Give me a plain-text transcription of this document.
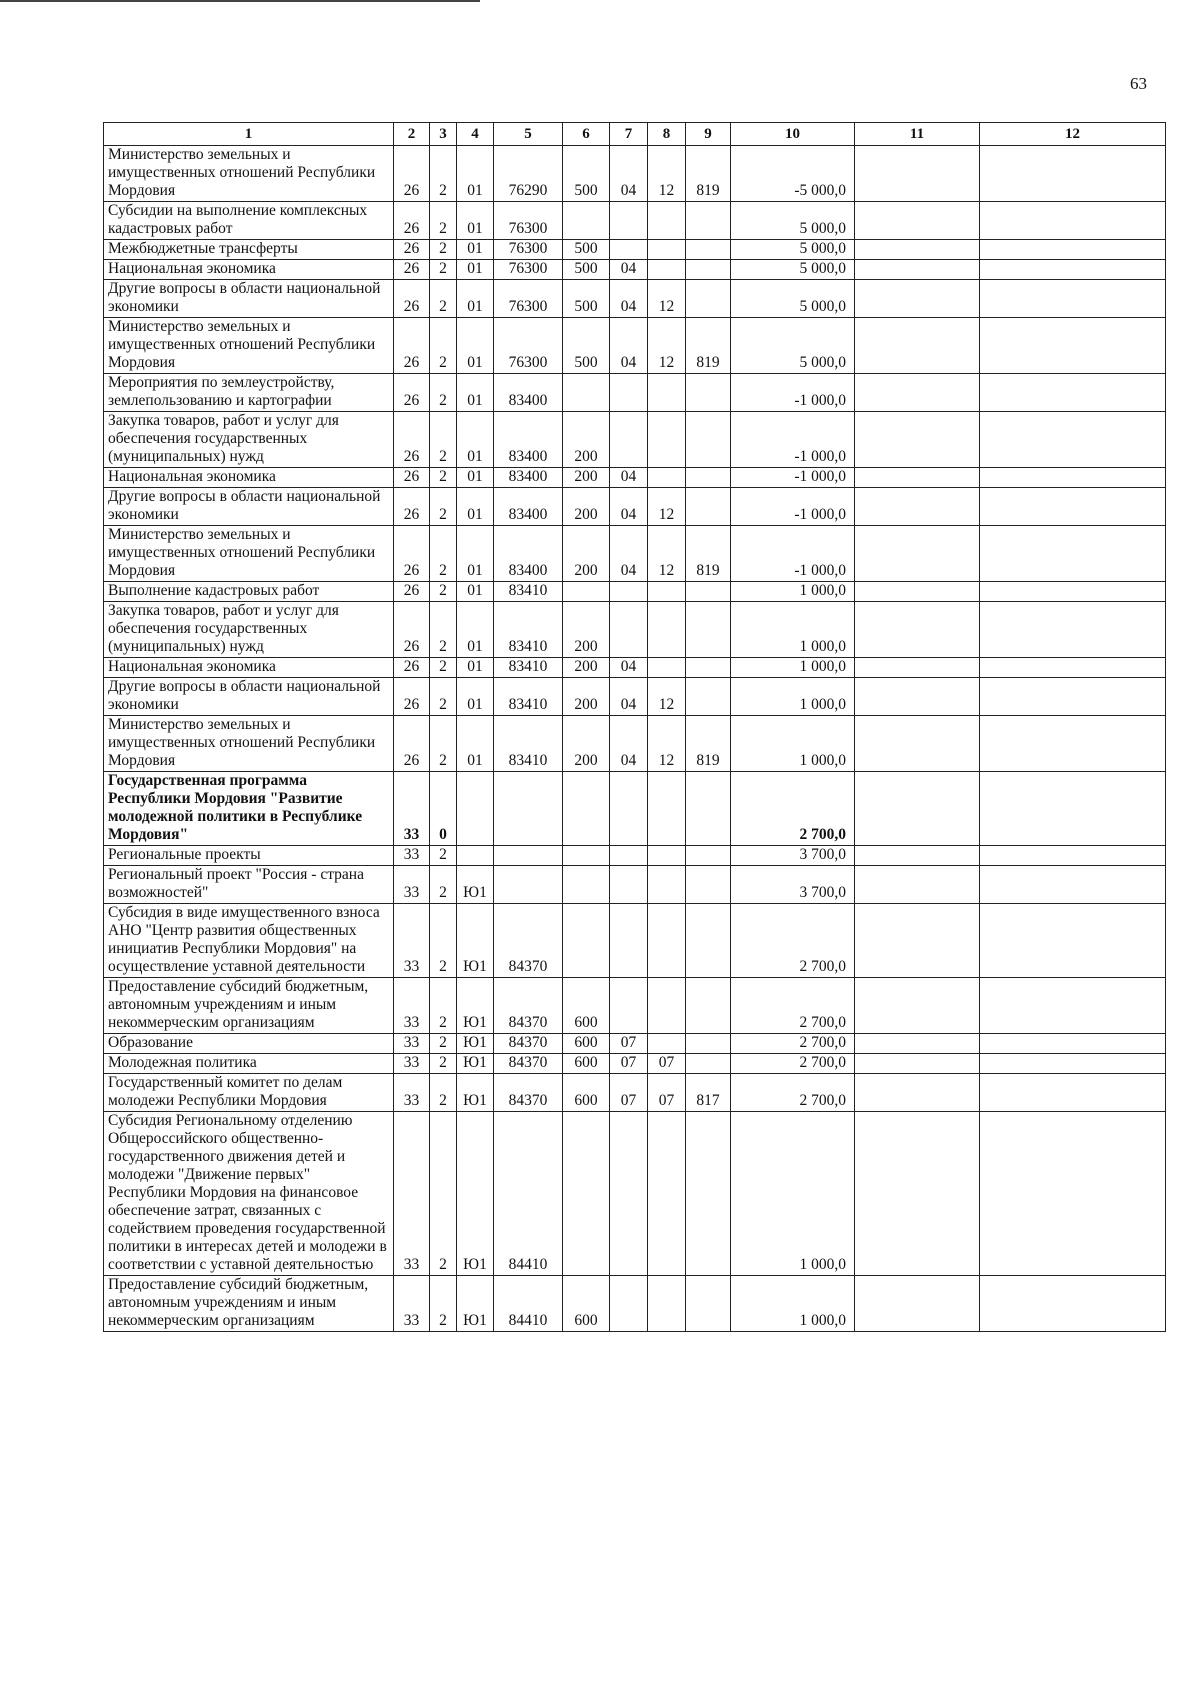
63
1	2	3	4	5	6	7	8	9	10	11	12
Министерство земельных и имущественных отношений Республики Мордовия	26	2	01	76290	500	04	12	819	-5 000,0		
Субсидии на выполнение комплексных кадастровых работ	26	2	01	76300					5 000,0		
Межбюджетные трансферты	26	2	01	76300	500				5 000,0		
Национальная экономика	26	2	01	76300	500	04			5 000,0		
Другие вопросы в области национальной экономики	26	2	01	76300	500	04	12		5 000,0		
Министерство земельных и имущественных отношений Республики Мордовия	26	2	01	76300	500	04	12	819	5 000,0		
Мероприятия по землеустройству, землепользованию и картографии	26	2	01	83400					-1 000,0		
Закупка товаров, работ и услуг для обеспечения государственных (муниципальных) нужд	26	2	01	83400	200				-1 000,0		
Национальная экономика	26	2	01	83400	200	04			-1 000,0		
Другие вопросы в области национальной экономики	26	2	01	83400	200	04	12		-1 000,0		
Министерство земельных и имущественных отношений Республики Мордовия	26	2	01	83400	200	04	12	819	-1 000,0		
Выполнение кадастровых работ	26	2	01	83410					1 000,0		
Закупка товаров, работ и услуг для обеспечения государственных (муниципальных) нужд	26	2	01	83410	200				1 000,0		
Национальная экономика	26	2	01	83410	200	04			1 000,0		
Другие вопросы в области национальной экономики	26	2	01	83410	200	04	12		1 000,0		
Министерство земельных и имущественных отношений Республики Мордовия	26	2	01	83410	200	04	12	819	1 000,0		
Государственная программа Республики Мордовия "Развитие молодежной политики в Республике Мордовия"	33	0							2 700,0		
Региональные проекты	33	2							3 700,0		
Региональный проект "Россия - страна возможностей"	33	2	Ю1						3 700,0		
Субсидия в виде имущественного взноса АНО "Центр развития общественных инициатив Республики Мордовия" на осуществление уставной деятельности	33	2	Ю1	84370					2 700,0		
Предоставление субсидий бюджетным, автономным учреждениям и иным некоммерческим организациям	33	2	Ю1	84370	600				2 700,0		
Образование	33	2	Ю1	84370	600	07			2 700,0		
Молодежная политика	33	2	Ю1	84370	600	07	07		2 700,0		
Государственный комитет по делам молодежи Республики Мордовия	33	2	Ю1	84370	600	07	07	817	2 700,0		
Субсидия Региональному отделению Общероссийского общественно-государственного движения детей и молодежи "Движение первых" Республики Мордовия на финансовое обеспечение затрат, связанных с содействием проведения государственной политики в интересах детей и молодежи в соответствии с уставной деятельностью	33	2	Ю1	84410					1 000,0		
Предоставление субсидий бюджетным, автономным учреждениям и иным некоммерческим организациям	33	2	Ю1	84410	600				1 000,0		
